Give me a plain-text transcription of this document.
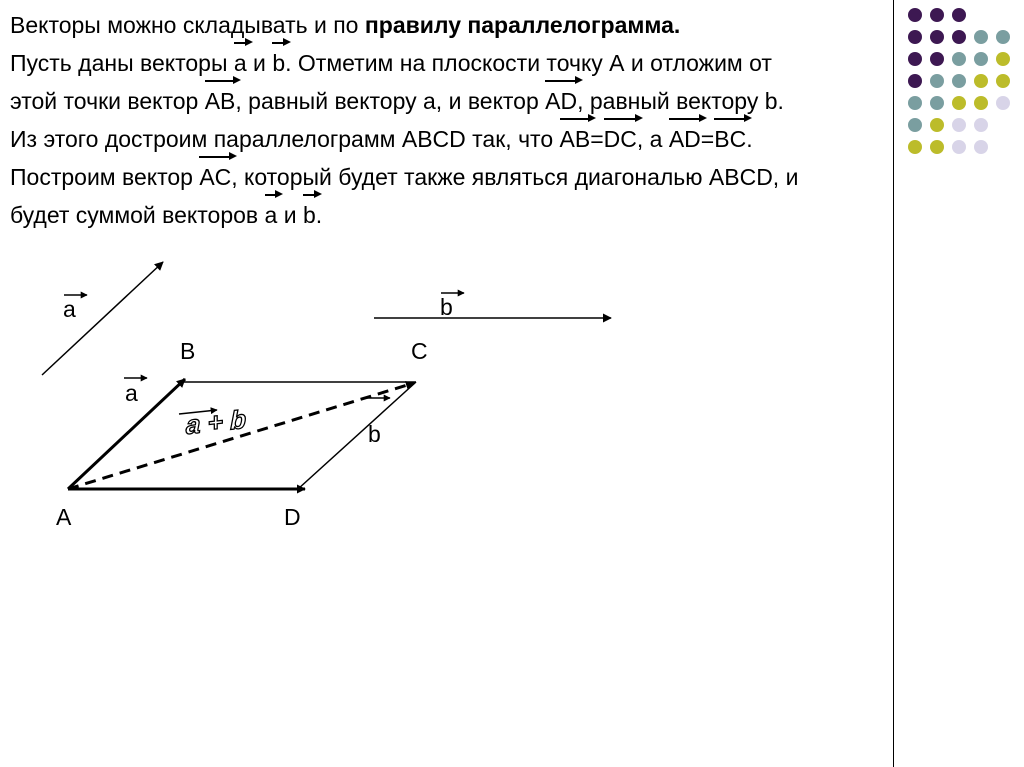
Векторы можно складывать и по правилу параллелограмма.
Пусть даны векторы a и b. Отметим на плоскости точку А и отложим от
этой точки вектор AB, равный вектору а, и вектор AD, равный вектору b.
Из этого достроим параллелограмм ABCD так, что AB=DC, а AD=BC.
Построим вектор AC, который будет также являться диагональю ABCD, и
будет суммой векторов a и b.
a	b
B	C
A	D
a
b
a + b
